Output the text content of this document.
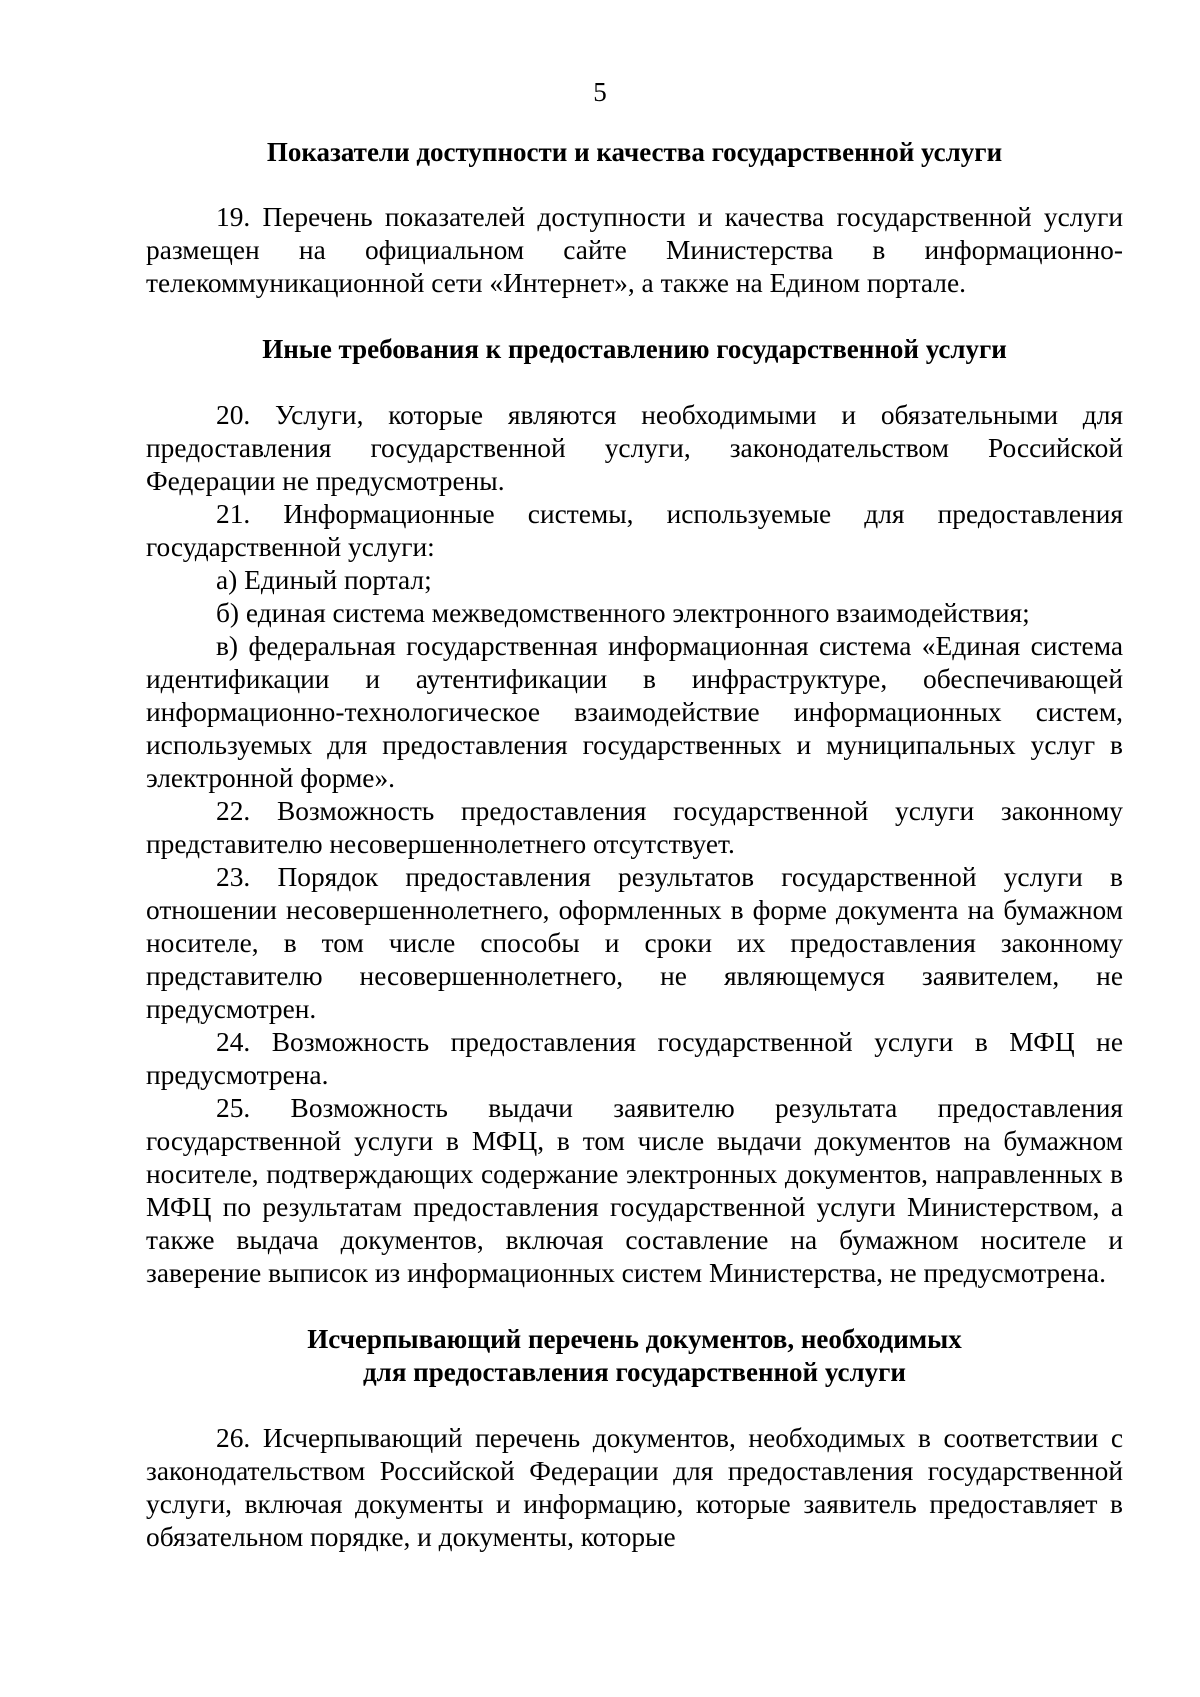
5
Показатели доступности и качества государственной услуги

19. Перечень показателей доступности и качества государственной услуги размещен на официальном сайте Министерства в информационно-телекоммуникационной сети «Интернет», а также на Едином портале.

Иные требования к предоставлению государственной услуги

20. Услуги, которые являются необходимыми и обязательными для предоставления государственной услуги, законодательством Российской Федерации не предусмотрены.

21. Информационные системы, используемые для предоставления государственной услуги:

а) Единый портал;

б) единая система межведомственного электронного взаимодействия;

в) федеральная государственная информационная система «Единая система идентификации и аутентификации в инфраструктуре, обеспечивающей информационно-технологическое взаимодействие информационных систем, используемых для предоставления государственных и муниципальных услуг в электронной форме».

22. Возможность предоставления государственной услуги законному представителю несовершеннолетнего отсутствует.

23. Порядок предоставления результатов государственной услуги в отношении несовершеннолетнего, оформленных в форме документа на бумажном носителе, в том числе способы и сроки их предоставления законному представителю несовершеннолетнего, не являющемуся заявителем, не предусмотрен.

24. Возможность предоставления государственной услуги в МФЦ не предусмотрена.

25. Возможность выдачи заявителю результата предоставления государственной услуги в МФЦ, в том числе выдачи документов на бумажном носителе, подтверждающих содержание электронных документов, направленных в МФЦ по результатам предоставления государственной услуги Министерством, а также выдача документов, включая составление на бумажном носителе и заверение выписок из информационных систем Министерства, не предусмотрена.

Исчерпывающий перечень документов, необходимых
для предоставления государственной услуги

26. Исчерпывающий перечень документов, необходимых в соответствии с законодательством Российской Федерации для предоставления государственной услуги, включая документы и информацию, которые заявитель предоставляет в обязательном порядке, и документы, которые
